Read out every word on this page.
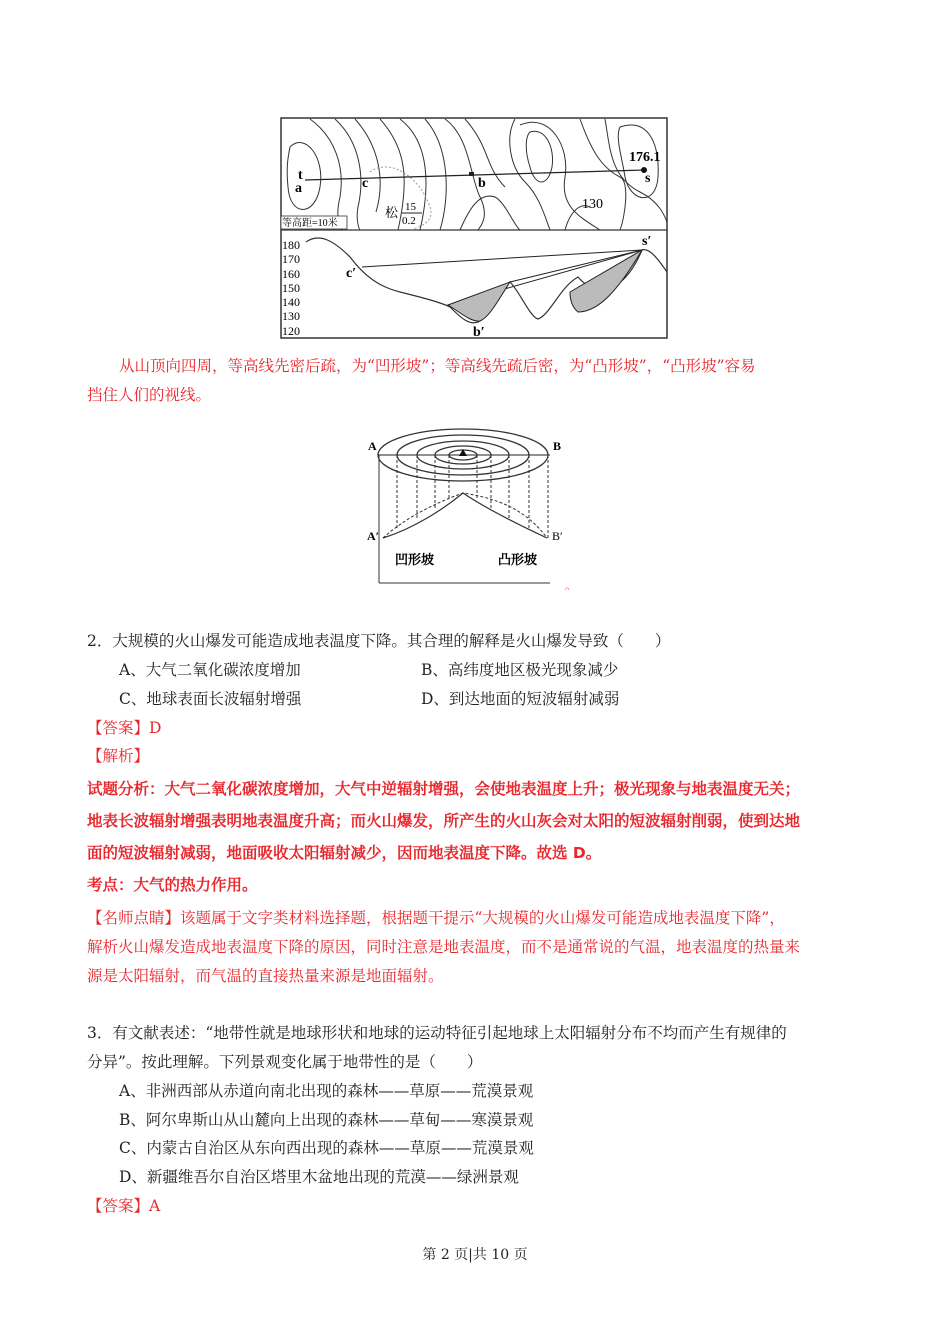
t
a	c	b	s
176.1
130
松 15
0.2
等高距=10米
180
170
160
150
140
130
120
c′
b′
s′
从山顶向四周，等高线先密后疏，为“凹形坡”；等高线先疏后密，为“凸形坡”，“凸形坡”容易
挡住人们的视线。
A	B
A′	B′
凹形坡	凸形坡
。
2．大规模的火山爆发可能造成地表温度下降。其合理的解释是火山爆发导致（　　）
A、大气二氧化碳浓度增加	B、高纬度地区极光现象减少
C、地球表面长波辐射增强	D、到达地面的短波辐射减弱
【答案】D
【解析】
试题分析：大气二氧化碳浓度增加，大气中逆辐射增强，会使地表温度上升；极光现象与地表温度无关；
地表长波辐射增强表明地表温度升高；而火山爆发，所产生的火山灰会对太阳的短波辐射削弱，使到达地
面的短波辐射减弱，地面吸收太阳辐射减少，因而地表温度下降。故选 D。
考点：大气的热力作用。
【名师点睛】该题属于文字类材料选择题，根据题干提示“大规模的火山爆发可能造成地表温度下降”，
解析火山爆发造成地表温度下降的原因，同时注意是地表温度，而不是通常说的气温，地表温度的热量来
源是太阳辐射，而气温的直接热量来源是地面辐射。
3．有文献表述：“地带性就是地球形状和地球的运动特征引起地球上太阳辐射分布不均而产生有规律的
分异”。按此理解。下列景观变化属于地带性的是（　　）
A、非洲西部从赤道向南北出现的森林——草原——荒漠景观
B、阿尔卑斯山从山麓向上出现的森林——草甸——寒漠景观
C、内蒙古自治区从东向西出现的森林——草原——荒漠景观
D、新疆维吾尔自治区塔里木盆地出现的荒漠——绿洲景观
【答案】A
第 2 页|共 10 页
